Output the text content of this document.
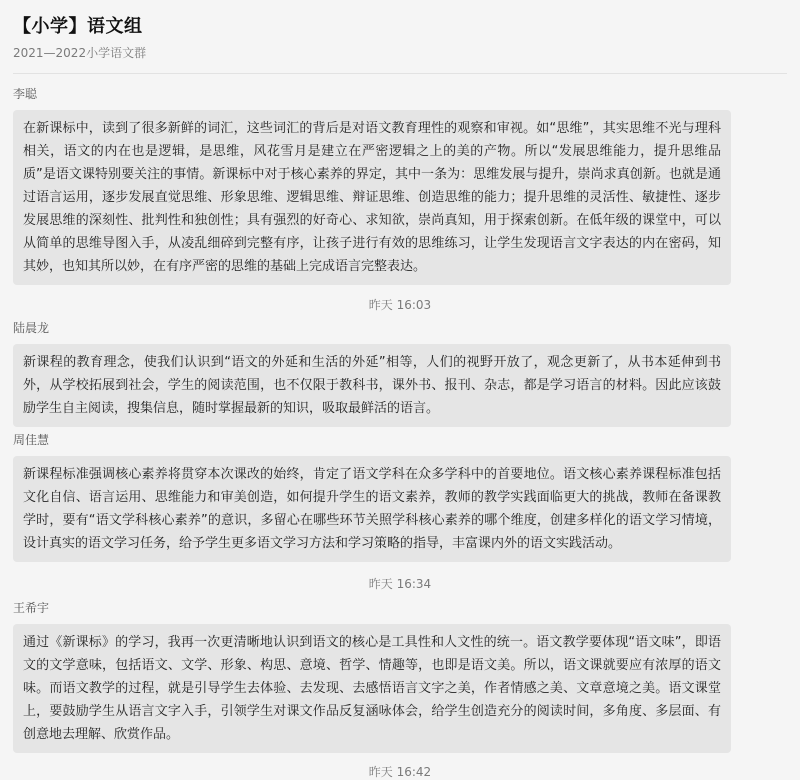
【小学】语文组
2021—2022小学语文群
李聪
在新课标中，读到了很多新鲜的词汇，这些词汇的背后是对语文教育理性的观察和审视。如“思维”，其实思维不光与理科相关，语文的内在也是逻辑，是思维，风花雪月是建立在严密逻辑之上的美的产物。所以“发展思维能力，提升思维品质”是语文课特别要关注的事情。新课标中对于核心素养的界定，其中一条为：思维发展与提升，崇尚求真创新。也就是通过语言运用，逐步发展直觉思维、形象思维、逻辑思维、辩证思维、创造思维的能力；提升思维的灵活性、敏捷性、逐步发展思维的深刻性、批判性和独创性；具有强烈的好奇心、求知欲，崇尚真知，用于探索创新。在低年级的课堂中，可以从简单的思维导图入手，从凌乱细碎到完整有序，让孩子进行有效的思维练习，让学生发现语言文字表达的内在密码，知其妙，也知其所以妙，在有序严密的思维的基础上完成语言完整表达。
昨天 16:03
陆晨龙
新课程的教育理念，使我们认识到“语文的外延和生活的外延”相等，人们的视野开放了，观念更新了，从书本延伸到书外，从学校拓展到社会，学生的阅读范围，也不仅限于教科书，课外书、报刊、杂志，都是学习语言的材料。因此应该鼓励学生自主阅读，搜集信息，随时掌握最新的知识，吸取最鲜活的语言。
周佳慧
新课程标准强调核心素养将贯穿本次课改的始终，肯定了语文学科在众多学科中的首要地位。语文核心素养课程标准包括文化自信、语言运用、思维能力和审美创造，如何提升学生的语文素养，教师的教学实践面临更大的挑战，教师在备课教学时，要有“语文学科核心素养”的意识，多留心在哪些环节关照学科核心素养的哪个维度，创建多样化的语文学习情境，设计真实的语文学习任务，给予学生更多语文学习方法和学习策略的指导，丰富课内外的语文实践活动。
昨天 16:34
王希宇
通过《新课标》的学习，我再一次更清晰地认识到语文的核心是工具性和人文性的统一。语文教学要体现“语文味”，即语文的文学意味，包括语文、文学、形象、构思、意境、哲学、情趣等，也即是语文美。所以，语文课就要应有浓厚的语文味。而语文教学的过程，就是引导学生去体验、去发现、去感悟语言文字之美，作者情感之美、文章意境之美。语文课堂上，要鼓励学生从语言文字入手，引领学生对课文作品反复涵咏体会，给学生创造充分的阅读时间，多角度、多层面、有创意地去理解、欣赏作品。
昨天 16:42
